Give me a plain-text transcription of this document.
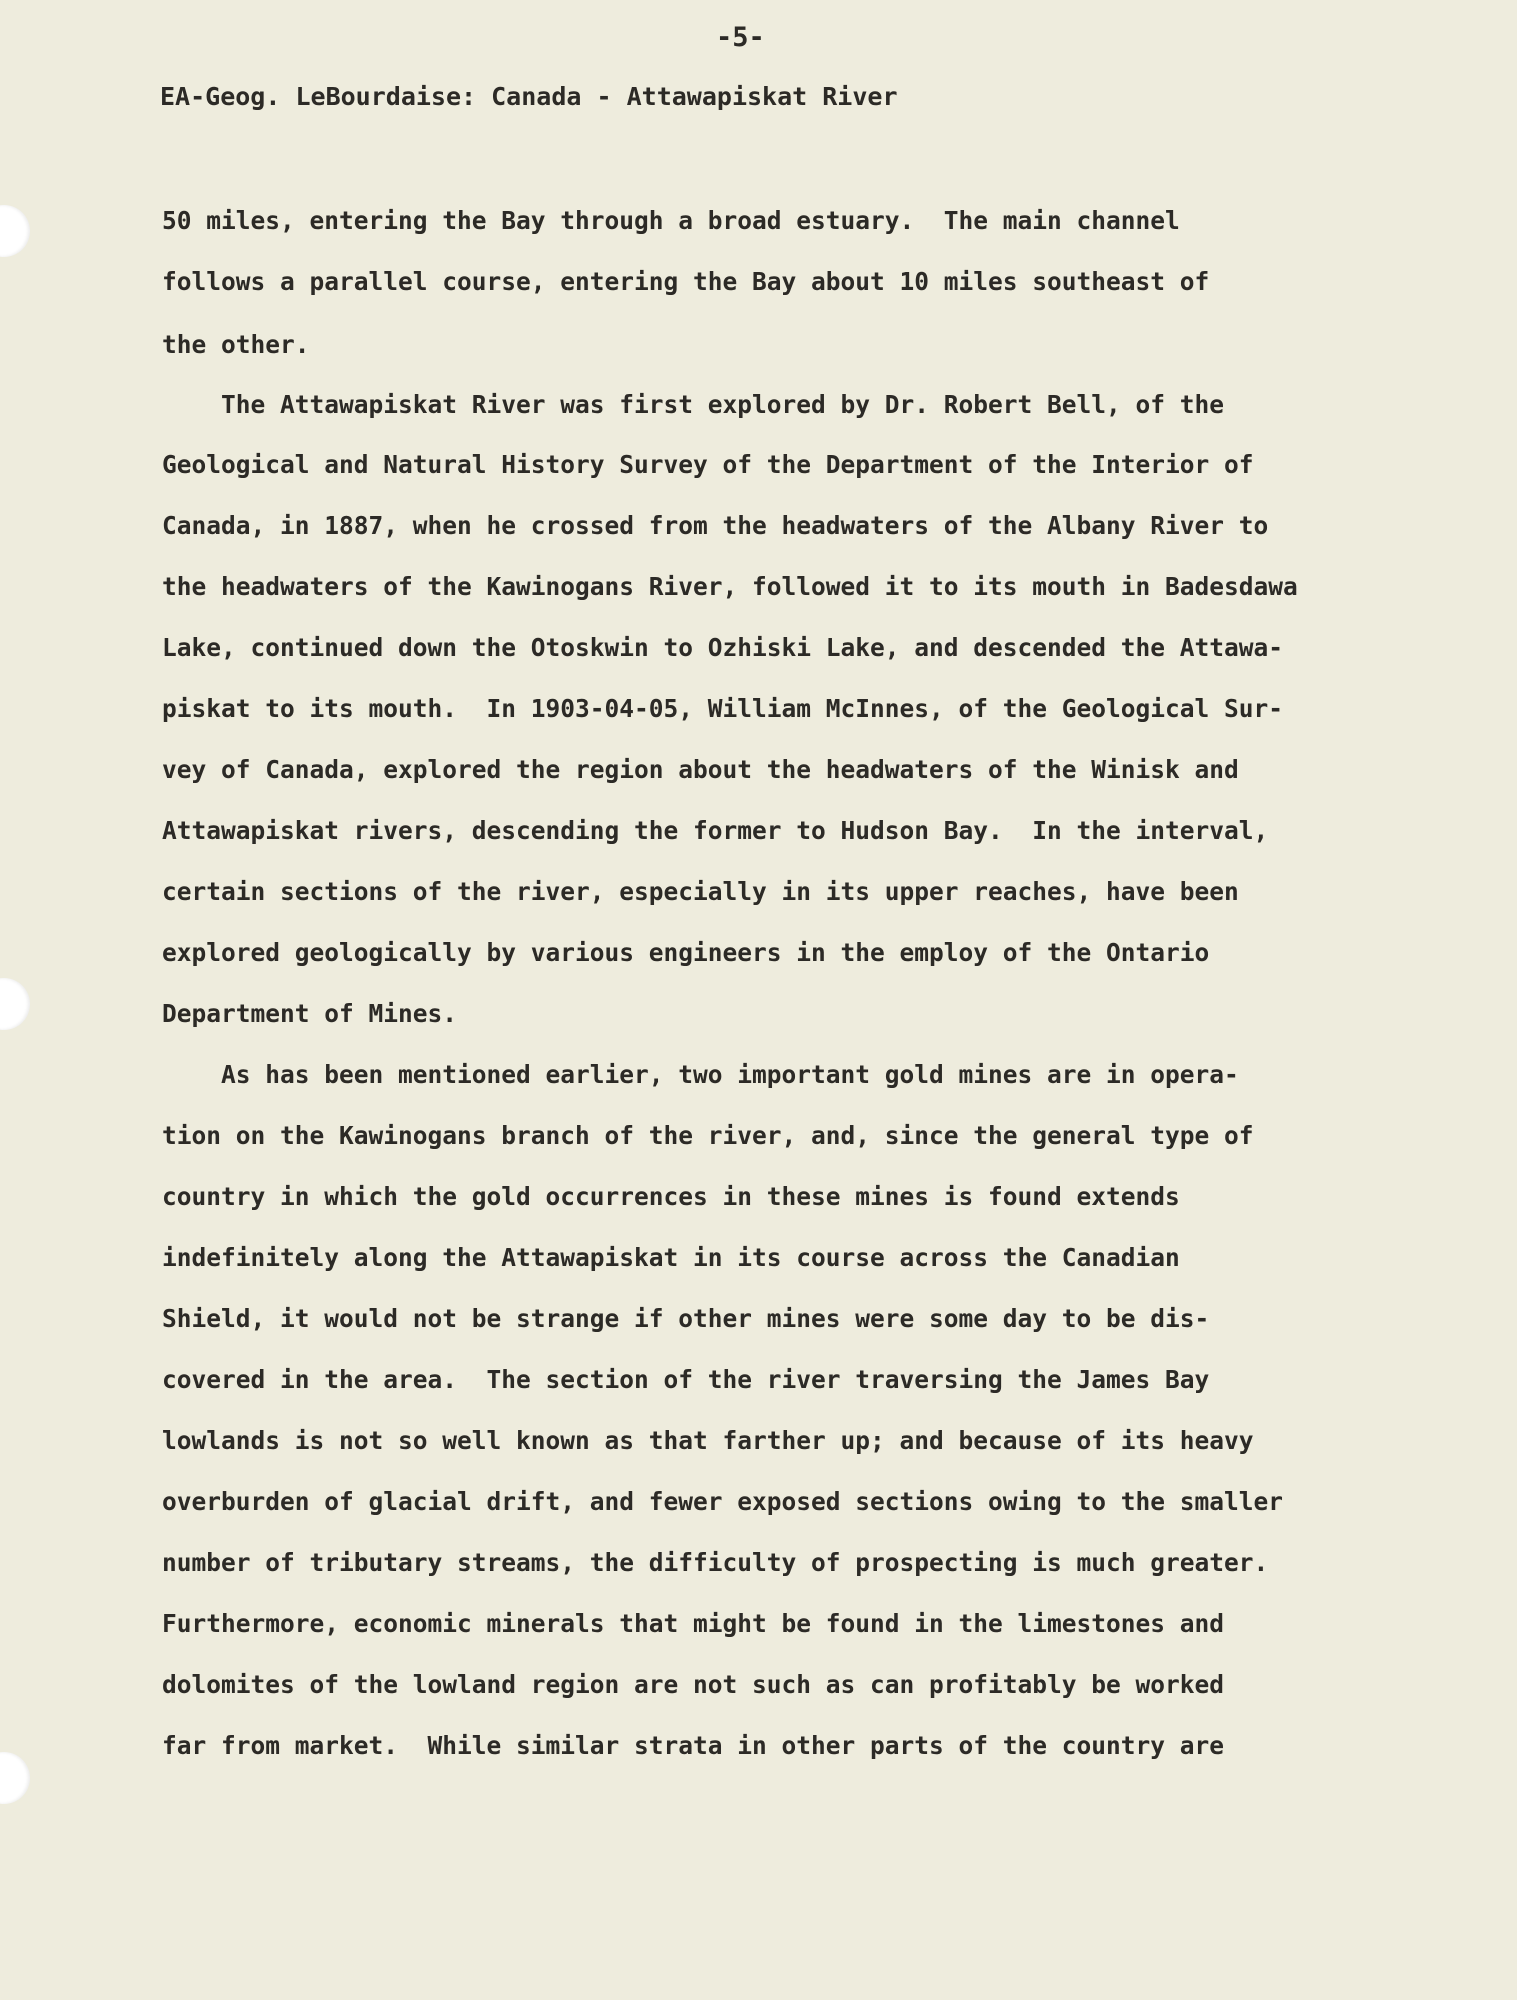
-5-
EA-Geog. LeBourdaise: Canada - Attawapiskat River
50 miles, entering the Bay through a broad estuary.  The main channel
follows a parallel course, entering the Bay about 10 miles southeast of
the other.
The Attawapiskat River was first explored by Dr. Robert Bell, of the
Geological and Natural History Survey of the Department of the Interior of
Canada, in 1887, when he crossed from the headwaters of the Albany River to
the headwaters of the Kawinogans River, followed it to its mouth in Badesdawa
Lake, continued down the Otoskwin to Ozhiski Lake, and descended the Attawa-
piskat to its mouth.  In 1903-04-05, William McInnes, of the Geological Sur-
vey of Canada, explored the region about the headwaters of the Winisk and
Attawapiskat rivers, descending the former to Hudson Bay.  In the interval,
certain sections of the river, especially in its upper reaches, have been
explored geologically by various engineers in the employ of the Ontario
Department of Mines.
As has been mentioned earlier, two important gold mines are in opera-
tion on the Kawinogans branch of the river, and, since the general type of
country in which the gold occurrences in these mines is found extends
indefinitely along the Attawapiskat in its course across the Canadian
Shield, it would not be strange if other mines were some day to be dis-
covered in the area.  The section of the river traversing the James Bay
lowlands is not so well known as that farther up; and because of its heavy
overburden of glacial drift, and fewer exposed sections owing to the smaller
number of tributary streams, the difficulty of prospecting is much greater.
Furthermore, economic minerals that might be found in the limestones and
dolomites of the lowland region are not such as can profitably be worked
far from market.  While similar strata in other parts of the country are
